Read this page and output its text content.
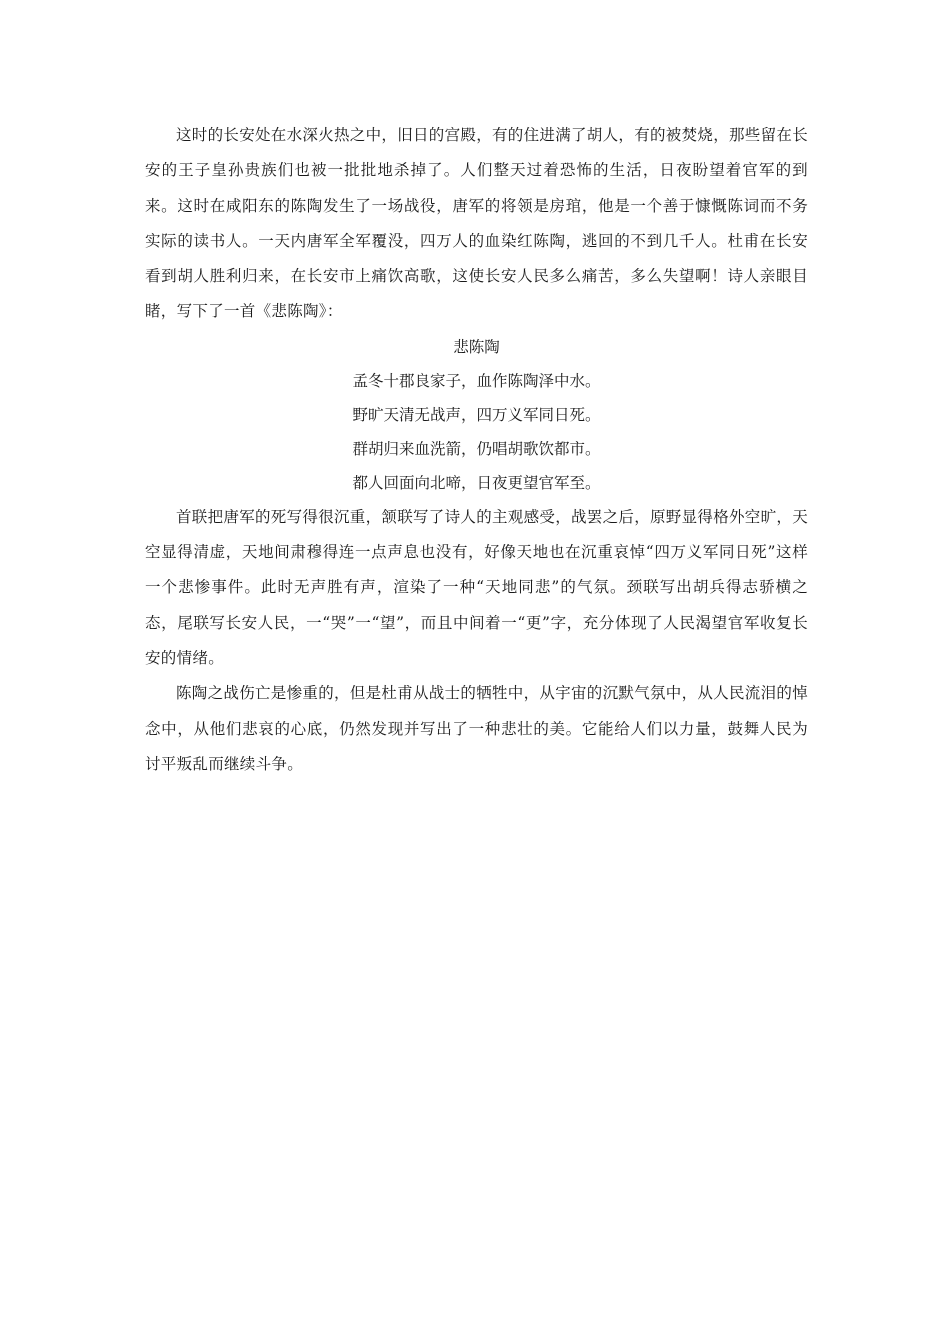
这时的长安处在水深火热之中，旧日的宫殿，有的住进满了胡人，有的被焚烧，那些留在长安的王子皇孙贵族们也被一批批地杀掉了。人们整天过着恐怖的生活，日夜盼望着官军的到来。这时在咸阳东的陈陶发生了一场战役，唐军的将领是房琯，他是一个善于慷慨陈词而不务实际的读书人。一天内唐军全军覆没，四万人的血染红陈陶，逃回的不到几千人。杜甫在长安看到胡人胜利归来，在长安市上痛饮高歌，这使长安人民多么痛苦，多么失望啊！诗人亲眼目睹，写下了一首《悲陈陶》：

悲陈陶

孟冬十郡良家子，血作陈陶泽中水。

野旷天清无战声，四万义军同日死。

群胡归来血洗箭，仍唱胡歌饮都市。

都人回面向北啼，日夜更望官军至。

首联把唐军的死写得很沉重，颔联写了诗人的主观感受，战罢之后，原野显得格外空旷，天空显得清虚，天地间肃穆得连一点声息也没有，好像天地也在沉重哀悼“四万义军同日死”这样一个悲惨事件。此时无声胜有声，渲染了一种“天地同悲”的气氛。颈联写出胡兵得志骄横之态，尾联写长安人民，一“哭”一“望”，而且中间着一“更”字，充分体现了人民渴望官军收复长安的情绪。

陈陶之战伤亡是惨重的，但是杜甫从战士的牺牲中，从宇宙的沉默气氛中，从人民流泪的悼念中，从他们悲哀的心底，仍然发现并写出了一种悲壮的美。它能给人们以力量，鼓舞人民为讨平叛乱而继续斗争。
